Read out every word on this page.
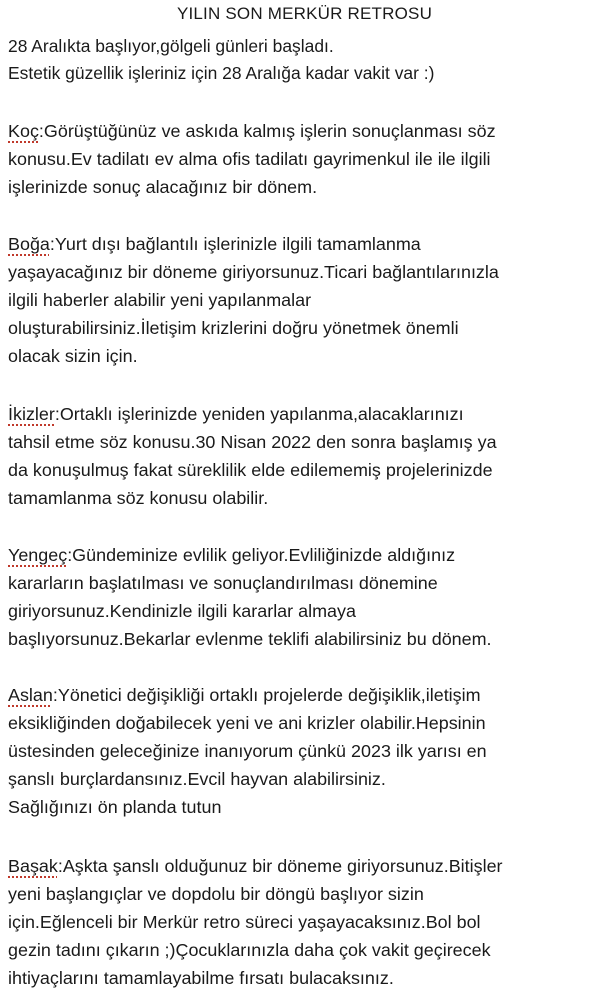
YILIN SON MERKÜR RETROSU
28 Aralıkta başlıyor,gölgeli günleri başladı.
Estetik güzellik işleriniz için 28 Aralığa kadar vakit var :)
Koç:Görüştüğünüz ve askıda kalmış işlerin sonuçlanması söz
konusu.Ev tadilatı ev alma ofis tadilatı gayrimenkul ile ile ilgili
işlerinizde sonuç alacağınız bir dönem.
Boğa:Yurt dışı bağlantılı işlerinizle ilgili tamamlanma
yaşayacağınız bir döneme giriyorsunuz.Ticari bağlantılarınızla
ilgili haberler alabilir yeni yapılanmalar
oluşturabilirsiniz.İletişim krizlerini doğru yönetmek önemli
olacak sizin için.
İkizler:Ortaklı işlerinizde yeniden yapılanma,alacaklarınızı
tahsil etme söz konusu.30 Nisan 2022 den sonra başlamış ya
da konuşulmuş fakat süreklilik elde edilememiş projelerinizde
tamamlanma söz konusu olabilir.
Yengeç:Gündeminize evlilik geliyor.Evliliğinizde aldığınız
kararların başlatılması ve sonuçlandırılması dönemine
giriyorsunuz.Kendinizle ilgili kararlar almaya
başlıyorsunuz.Bekarlar evlenme teklifi alabilirsiniz bu dönem.
Aslan:Yönetici değişikliği ortaklı projelerde değişiklik,iletişim
eksikliğinden doğabilecek yeni ve ani krizler olabilir.Hepsinin
üstesinden geleceğinize inanıyorum çünkü 2023 ilk yarısı en
şanslı burçlardansınız.Evcil hayvan alabilirsiniz.
Sağlığınızı ön planda tutun
Başak:Aşkta şanslı olduğunuz bir döneme giriyorsunuz.Bitişler
yeni başlangıçlar ve dopdolu bir döngü başlıyor sizin
için.Eğlenceli bir Merkür retro süreci yaşayacaksınız.Bol bol
gezin tadını çıkarın ;)Çocuklarınızla daha çok vakit geçirecek
ihtiyaçlarını tamamlayabilme fırsatı bulacaksınız.
